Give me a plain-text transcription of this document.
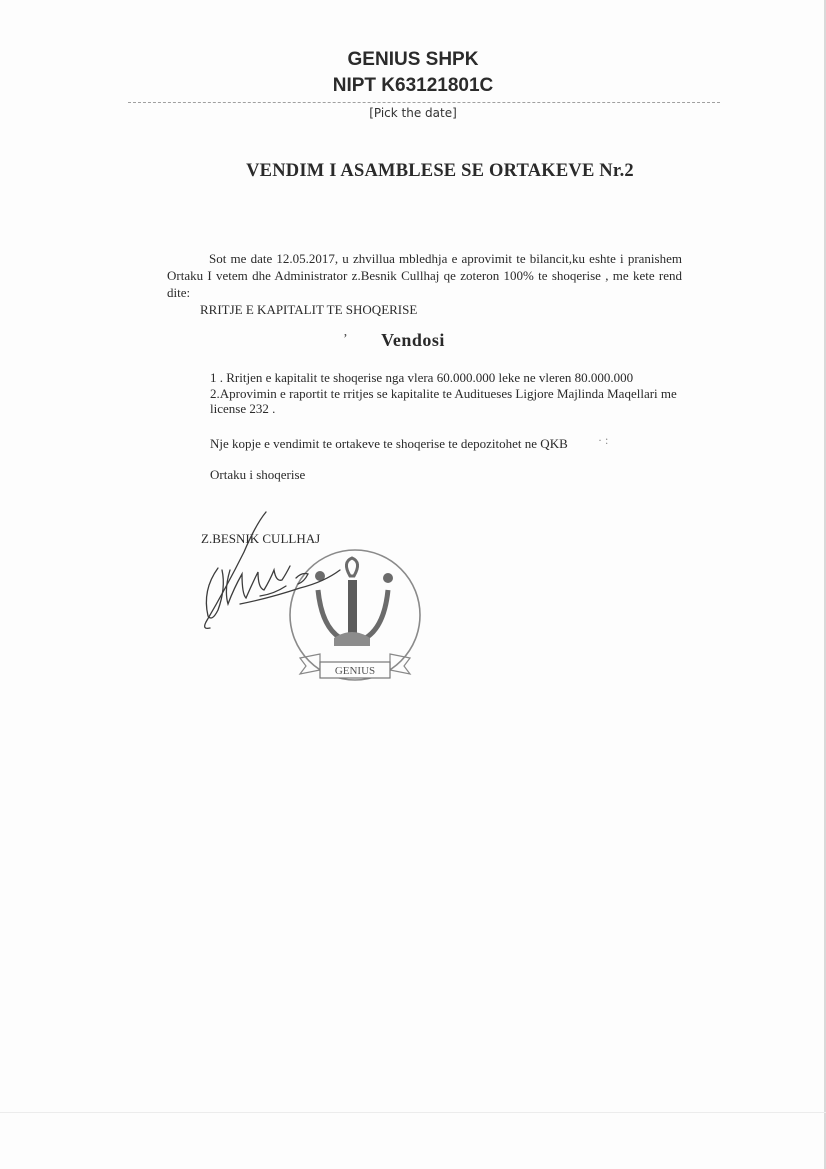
GENIUS SHPK
NIPT K63121801C
[Pick the date]
VENDIM I ASAMBLESE SE ORTAKEVE Nr.2
Sot me date 12.05.2017, u zhvillua mbledhja e aprovimit te bilancit,ku eshte i pranishem Ortaku I vetem dhe Administrator z.Besnik Cullhaj qe zoteron 100% te shoqerise , me kete rend dite:
RRITJE E KAPITALIT TE SHOQERISE
’	Vendosi
1 . Rritjen e kapitalit te shoqerise nga vlera 60.000.000 leke ne vleren 80.000.000
2.Aprovimin e raportit te rritjes se kapitalite te Auditueses Ligjore Majlinda Maqellari me license 232 .
Nje kopje e vendimit te ortakeve te shoqerise te depozitohet ne QKB	· :
Ortaku i shoqerise
Z.BESNIK CULLHAJ
GENIUS
